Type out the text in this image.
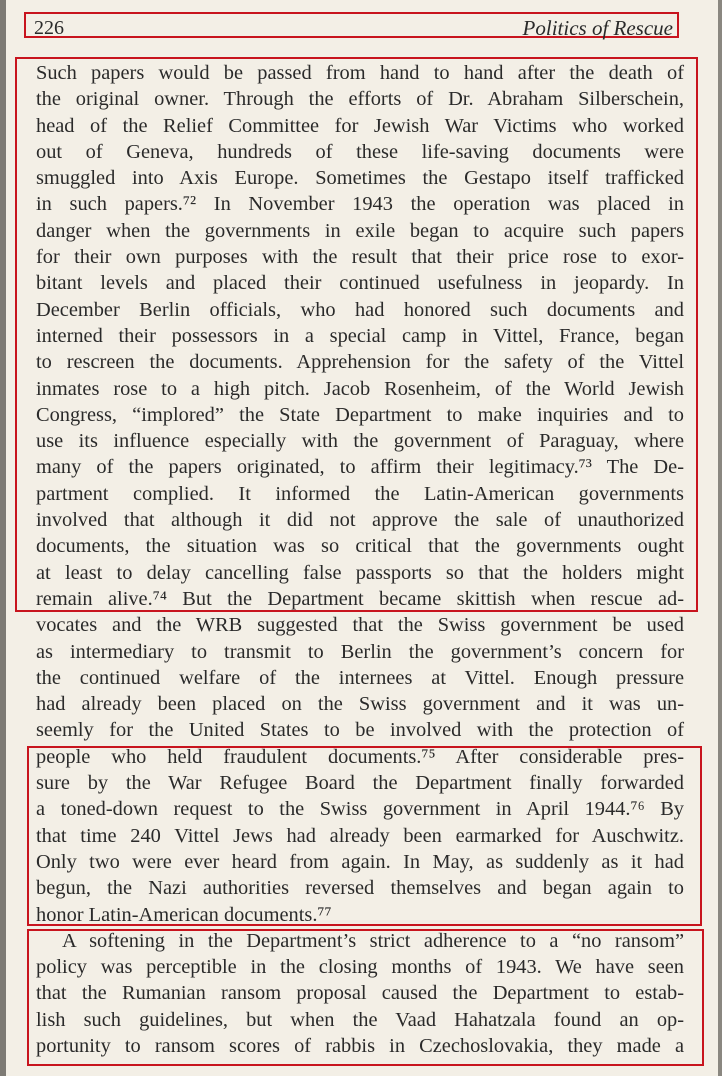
226	Politics of Rescue
Such papers would be passed from hand to hand after the death of
the original owner. Through the efforts of Dr. Abraham Silberschein,
head of the Relief Committee for Jewish War Victims who worked
out of Geneva, hundreds of these life-saving documents were
smuggled into Axis Europe. Sometimes the Gestapo itself trafficked
in such papers.⁷² In November 1943 the operation was placed in
danger when the governments in exile began to acquire such papers
for their own purposes with the result that their price rose to exor-
bitant levels and placed their continued usefulness in jeopardy. In
December Berlin officials, who had honored such documents and
interned their possessors in a special camp in Vittel, France, began
to rescreen the documents. Apprehension for the safety of the Vittel
inmates rose to a high pitch. Jacob Rosenheim, of the World Jewish
Congress, “implored” the State Department to make inquiries and to
use its influence especially with the government of Paraguay, where
many of the papers originated, to affirm their legitimacy.⁷³ The De-
partment complied. It informed the Latin-American governments
involved that although it did not approve the sale of unauthorized
documents, the situation was so critical that the governments ought
at least to delay cancelling false passports so that the holders might
remain alive.⁷⁴ But the Department became skittish when rescue ad-
vocates and the WRB suggested that the Swiss government be used
as intermediary to transmit to Berlin the government’s concern for
the continued welfare of the internees at Vittel. Enough pressure
had already been placed on the Swiss government and it was un-
seemly for the United States to be involved with the protection of
people who held fraudulent documents.⁷⁵ After considerable pres-
sure by the War Refugee Board the Department finally forwarded
a toned-down request to the Swiss government in April 1944.⁷⁶ By
that time 240 Vittel Jews had already been earmarked for Auschwitz.
Only two were ever heard from again. In May, as suddenly as it had
begun, the Nazi authorities reversed themselves and began again to
honor Latin-American documents.⁷⁷
A softening in the Department’s strict adherence to a “no ransom”
policy was perceptible in the closing months of 1943. We have seen
that the Rumanian ransom proposal caused the Department to estab-
lish such guidelines, but when the Vaad Hahatzala found an op-
portunity to ransom scores of rabbis in Czechoslovakia, they made a
